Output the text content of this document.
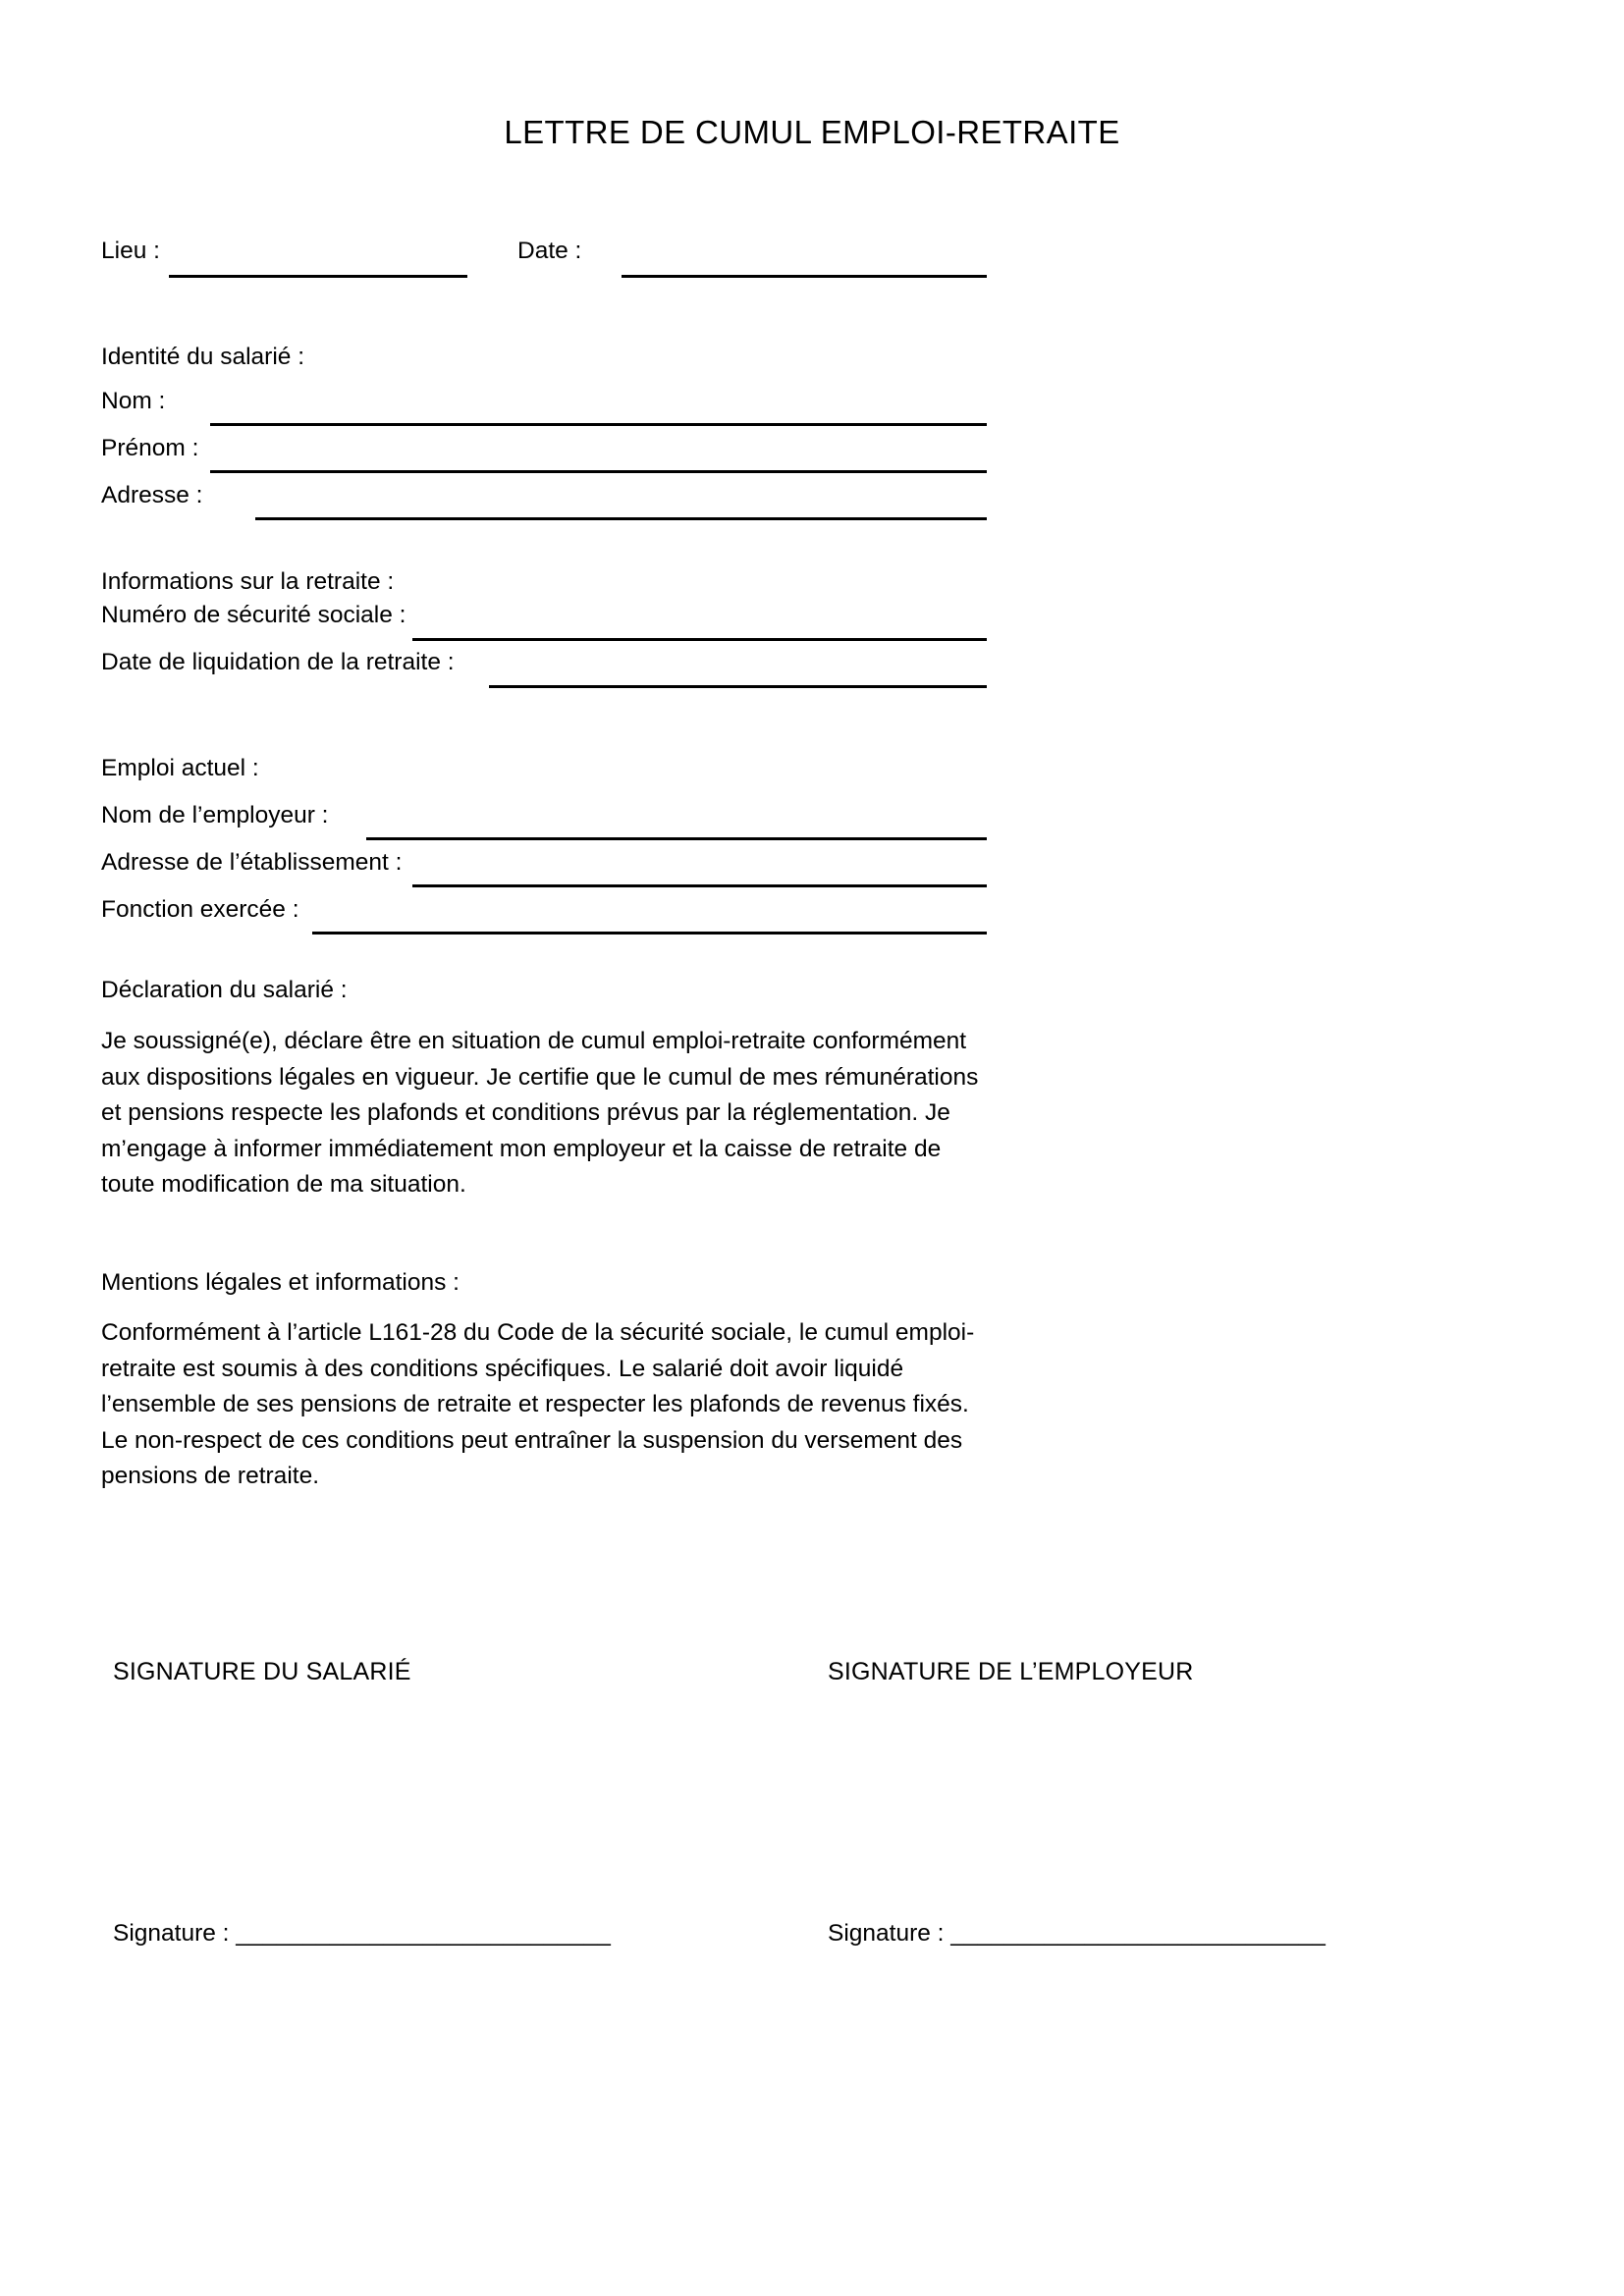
LETTRE DE CUMUL EMPLOI-RETRAITE
Lieu :	Date :
Identité du salarié :
Nom :
Prénom :
Adresse :
Informations sur la retraite :
Numéro de sécurité sociale :
Date de liquidation de la retraite :
Emploi actuel :
Nom de l’employeur :
Adresse de l’établissement :
Fonction exercée :
Déclaration du salarié :

Je soussigné(e), déclare être en situation de cumul emploi-retraite conformément aux dispositions légales en vigueur. Je certifie que le cumul de mes rémunérations et pensions respecte les plafonds et conditions prévus par la réglementation. Je m’engage à informer immédiatement mon employeur et la caisse de retraite de toute modification de ma situation.

Mentions légales et informations :

Conformément à l’article L161-28 du Code de la sécurité sociale, le cumul emploi-retraite est soumis à des conditions spécifiques. Le salarié doit avoir liquidé l’ensemble de ses pensions de retraite et respecter les plafonds de revenus fixés. Le non-respect de ces conditions peut entraîner la suspension du versement des pensions de retraite.

SIGNATURE DU SALARIÉ	SIGNATURE DE L’EMPLOYEUR
Signature : ____________________________	Signature : ____________________________
